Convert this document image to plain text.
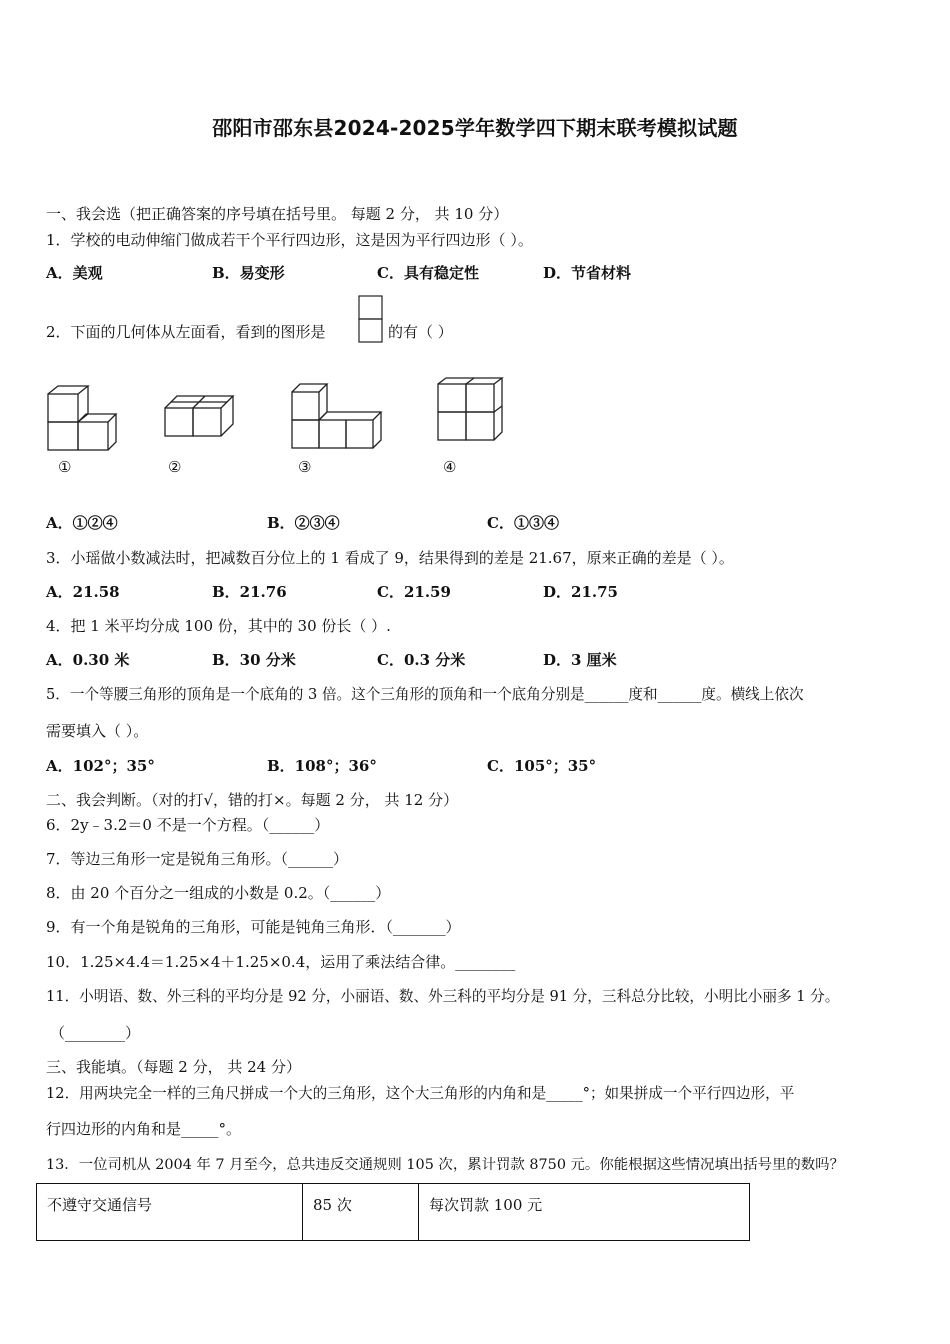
邵阳市邵东县2024-2025学年数学四下期末联考模拟试题
一、我会选（把正确答案的序号填在括号里。 每题 2 分， 共 10 分）
1．学校的电动伸缩门做成若干个平行四边形，这是因为平行四边形（ ）。
A．美观	B．易变形	C．具有稳定性	D．节省材料
2．下面的几何体从左面看，看到的图形是	的有（ ）
①	②	③	④
A．①②④	B．②③④	C．①③④
3．小瑶做小数减法时，把减数百分位上的 1 看成了 9，结果得到的差是 21.67，原来正确的差是（ ）。
A．21.58	B．21.76	C．21.59	D．21.75
4．把 1 米平均分成 100 份，其中的 30 份长（ ）.
A．0.30 米	B．30 分米	C．0.3 分米	D．3 厘米
5．一个等腰三角形的顶角是一个底角的 3 倍。这个三角形的顶角和一个底角分别是______度和______度。横线上依次
需要填入（ ）。
A．102°；35°	B．108°；36°	C．105°；35°
二、我会判断。（对的打√，错的打×。每题 2 分， 共 12 分）
6．2y﹣3.2＝0 不是一个方程。（______）
7．等边三角形一定是锐角三角形。（______）
8．由 20 个百分之一组成的小数是 0.2。（______）
9．有一个角是锐角的三角形，可能是钝角三角形．（_______）
10．1.25×4.4＝1.25×4＋1.25×0.4，运用了乘法结合律。________
11．小明语、数、外三科的平均分是 92 分，小丽语、数、外三科的平均分是 91 分，三科总分比较，小明比小丽多 1 分。
（________）
三、我能填。（每题 2 分， 共 24 分）
12．用两块完全一样的三角尺拼成一个大的三角形，这个大三角形的内角和是_____°；如果拼成一个平行四边形，平
行四边形的内角和是_____°。
13．一位司机从 2004 年 7 月至今，总共违反交通规则 105 次，累计罚款 8750 元。你能根据这些情况填出括号里的数吗？
不遵守交通信号	85 次	每次罚款 100 元
